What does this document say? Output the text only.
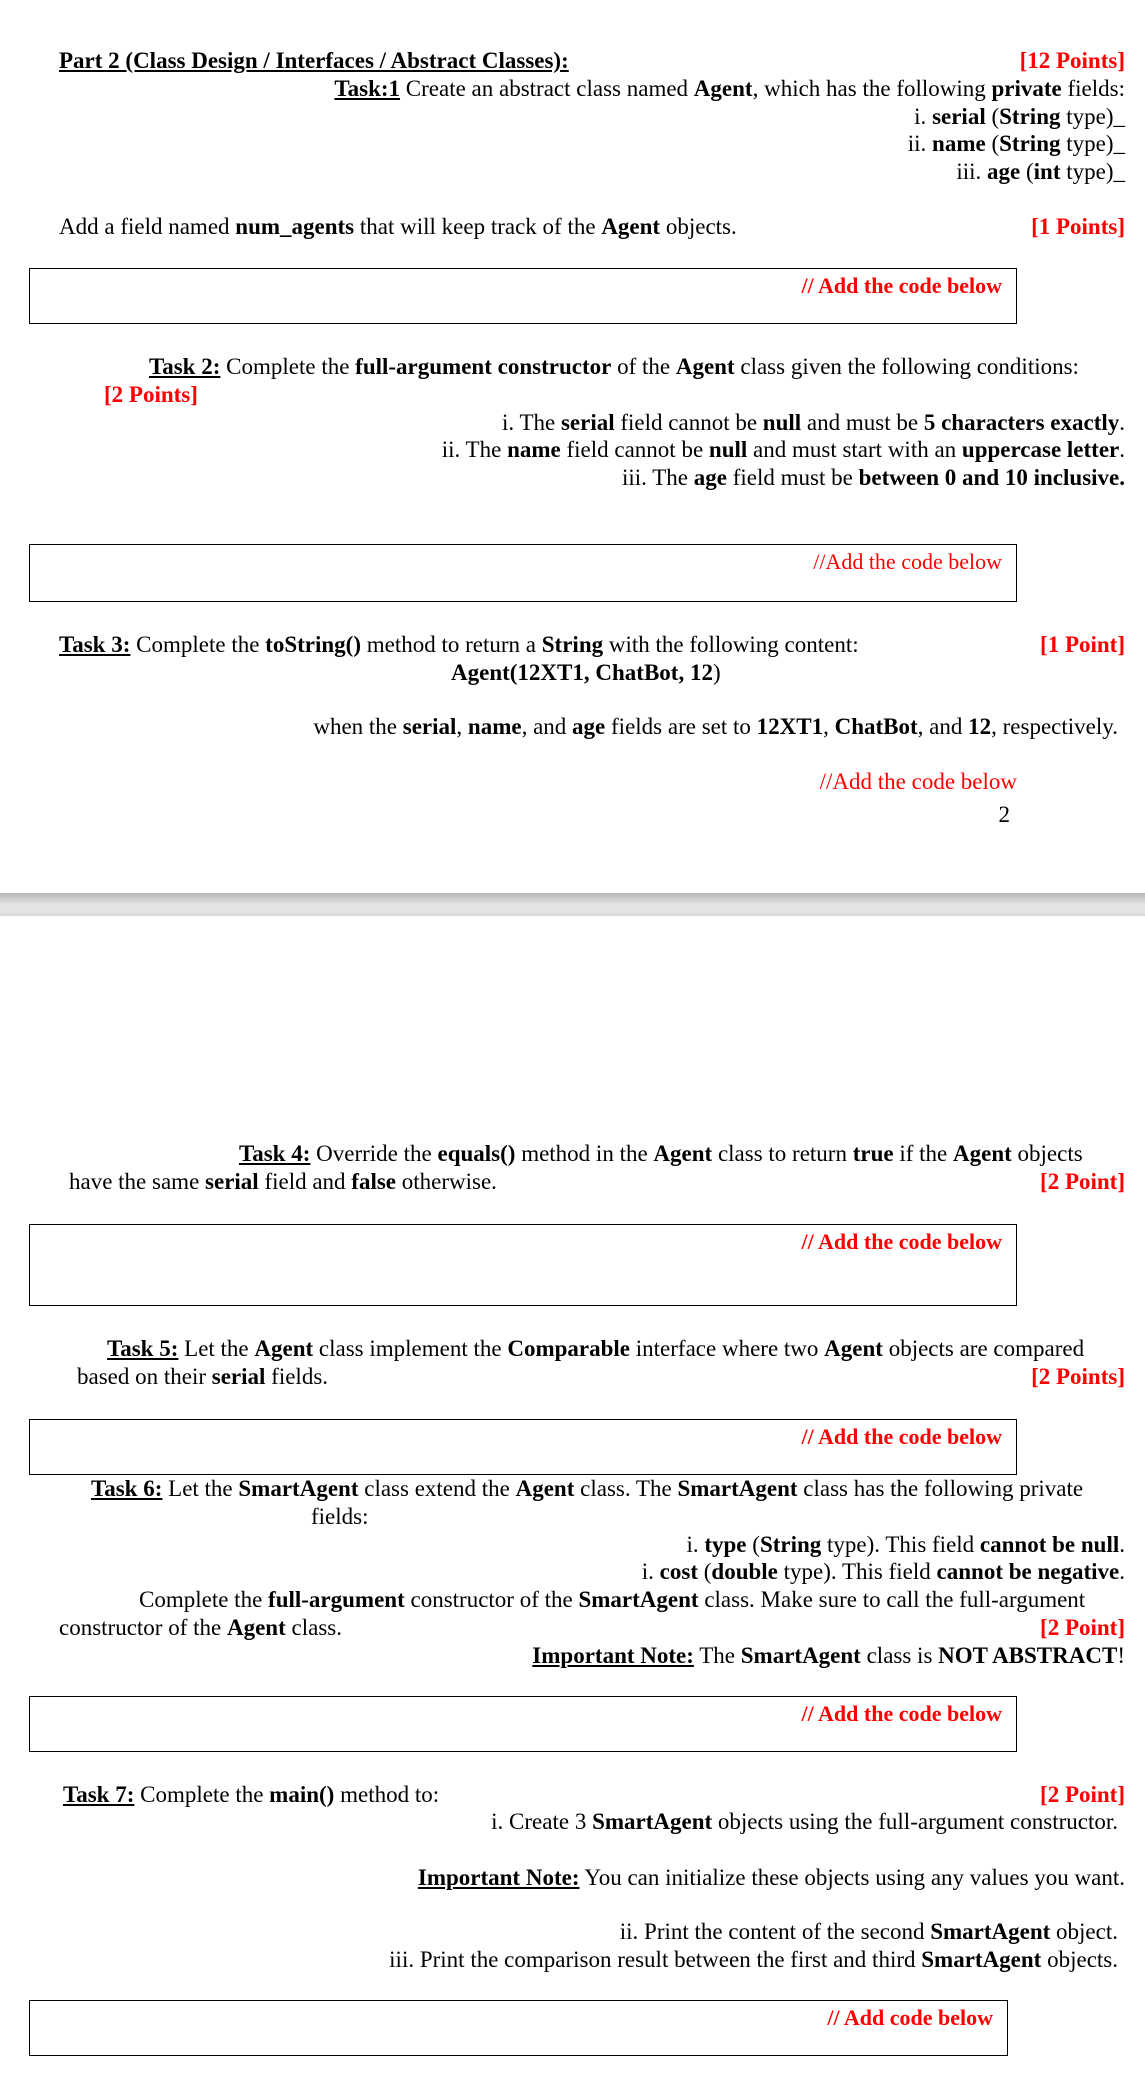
Part 2 (Class Design / Interfaces / Abstract Classes):	[12 Points]
Task:1 Create an abstract class named Agent, which has the following private fields:
i. serial (String type)_
ii. name (String type)_
iii. age (int type)_
Add a field named num_agents that will keep track of the Agent objects.	[1 Points]
Task 2: Complete the full-argument constructor of the Agent class given the following conditions:
[2 Points]
i. The serial field cannot be null and must be 5 characters exactly.
ii. The name field cannot be null and must start with an uppercase letter.
iii. The age field must be between 0 and 10 inclusive.
Task 3: Complete the toString() method to return a String with the following content:	[1 Point]
Agent(12XT1, ChatBot, 12)
when the serial, name, and age fields are set to 12XT1, ChatBot, and 12, respectively.
//Add the code below
2
Task 4: Override the equals() method in the Agent class to return true if the Agent objects
have the same serial field and false otherwise.	[2 Point]
Task 5: Let the Agent class implement the Comparable interface where two Agent objects are compared
based on their serial fields.	[2 Points]
Task 6: Let the SmartAgent class extend the Agent class. The SmartAgent class has the following private
fields:
i. type (String type). This field cannot be null.
i. cost (double type). This field cannot be negative.
Complete the full-argument constructor of the SmartAgent class. Make sure to call the full-argument
constructor of the Agent class.	[2 Point]
Important Note: The SmartAgent class is NOT ABSTRACT!
Task 7: Complete the main() method to:	[2 Point]
i. Create 3 SmartAgent objects using the full-argument constructor.
Important Note: You can initialize these objects using any values you want.
ii. Print the content of the second SmartAgent object.
iii. Print the comparison result between the first and third SmartAgent objects.
// Add the code below
//Add the code below
// Add the code below
// Add the code below
// Add the code below
// Add code below
